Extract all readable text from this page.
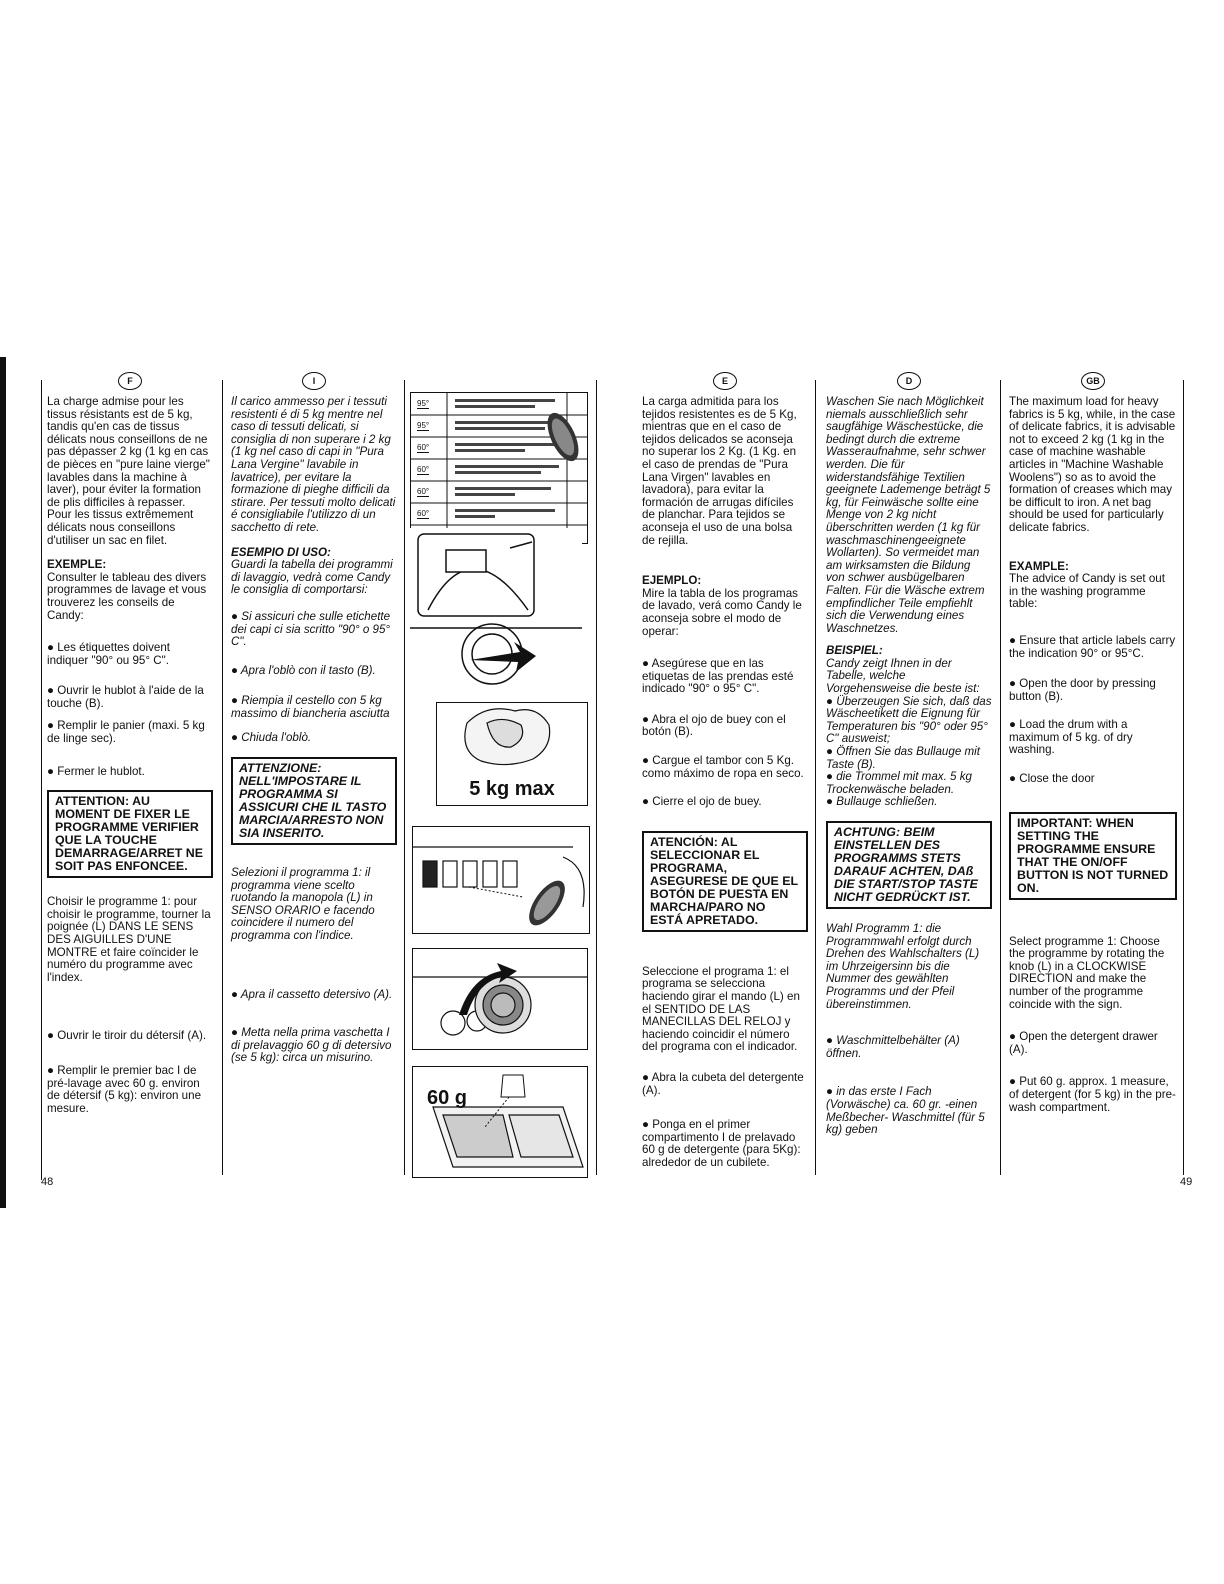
F

La charge admise pour les tissus résistants est de 5 kg, tandis qu'en cas de tissus délicats nous conseillons de ne pas dépasser 2 kg (1 kg en cas de pièces en "pure laine vierge" lavables dans la machine à laver), pour éviter la formation de plis difficiles à repasser. Pour les tissus extrêmement délicats nous conseillons d'utiliser un sac en filet.

EXEMPLE:

Consulter le tableau des divers programmes de lavage et vous trouverez les conseils de Candy:

● Les étiquettes doivent indiquer "90° ou 95° C".

● Ouvrir le hublot à l'aide de la touche (B).

● Remplir le panier (maxi. 5 kg de linge sec).

● Fermer le hublot.

ATTENTION: AU MOMENT DE FIXER LE PROGRAMME VERIFIER QUE LA TOUCHE DEMARRAGE/ARRET NE SOIT PAS ENFONCEE.

Choisir le programme 1: pour choisir le programme, tourner la poignée (L) DANS LE SENS DES AIGUILLES D'UNE MONTRE et faire coïncider le numéro du programme avec l'index.

● Ouvrir le tiroir du détersif (A).

● Remplir le premier bac I de pré-lavage avec 60 g. environ de détersif (5 kg): environ une mesure.

I

Il carico ammesso per i tessuti resistenti é di 5 kg mentre nel caso di tessuti delicati, si consiglia di non superare i 2 kg (1 kg nel caso di capi in "Pura Lana Vergine" lavabile in lavatrice), per evitare la formazione di pieghe difficili da stirare. Per tessuti molto delicati é consigliabile l'utilizzo di un sacchetto di rete.

ESEMPIO DI USO:

Guardi la tabella dei programmi di lavaggio, vedrà come Candy le consiglia di comportarsi:

● Si assicuri che sulle etichette dei capi ci sia scritto "90° o 95° C".

● Apra l'oblò con il tasto (B).

● Riempia il cestello con 5 kg massimo di biancheria asciutta

● Chiuda l'oblò.

ATTENZIONE: NELL'IMPOSTARE IL PROGRAMMA SI ASSICURI CHE IL TASTO MARCIA/ARRESTO NON SIA INSERITO.

Selezioni il programma 1: il programma viene scelto ruotando la manopola (L) in SENSO ORARIO e facendo coincidere il numero del programma con l'indice.

● Apra il cassetto detersivo (A).

● Metta nella prima vaschetta I di prelavaggio 60 g di detersivo (se 5 kg): circa un misurino.

95°
95°
60°
60°
60°
60°
5 kg max
60 g
E

La carga admitida para los tejidos resistentes es de 5 Kg, mientras que en el caso de tejidos delicados se aconseja no superar los 2 Kg. (1 Kg. en el caso de prendas de "Pura Lana Virgen" lavables en lavadora), para evitar la formación de arrugas difíciles de planchar. Para tejidos se aconseja el uso de una bolsa de rejilla.

EJEMPLO:

Mire la tabla de los programas de lavado, verá como Candy le aconseja sobre el modo de operar:

● Asegúrese que en las etiquetas de las prendas esté indicado "90° o 95° C".

● Abra el ojo de buey con el botón (B).

● Cargue el tambor con 5 Kg. como máximo de ropa en seco.

● Cierre el ojo de buey.

ATENCIÓN: AL SELECCIONAR EL PROGRAMA, ASEGURESE DE QUE EL BOTÓN DE PUESTA EN MARCHA/PARO NO ESTÁ APRETADO.

Seleccione el programa 1: el programa se selecciona haciendo girar el mando (L) en el SENTIDO DE LAS MANECILLAS DEL RELOJ y haciendo coincidir el número del programa con el indicador.

● Abra la cubeta del detergente (A).

● Ponga en el primer compartimento I de prelavado 60 g de detergente (para 5Kg): alrededor de un cubilete.

D

Waschen Sie nach Möglichkeit niemals ausschließlich sehr saugfähige Wäschestücke, die bedingt durch die extreme Wasseraufnahme, sehr schwer werden. Die für widerstandsfähige Textilien geeignete Lademenge beträgt 5 kg, für Feinwäsche sollte eine Menge von 2 kg nicht überschritten werden (1 kg für waschmaschinengeeignete Wollarten). So vermeidet man am wirksamsten die Bildung von schwer ausbügelbaren Falten. Für die Wäsche extrem empfindlicher Teile empfiehlt sich die Verwendung eines Waschnetzes.

BEISPIEL:

Candy zeigt Ihnen in der Tabelle, welche Vorgehensweise die beste ist:

● Überzeugen Sie sich, daß das Wäscheetikett die Eignung für Temperaturen bis "90° oder 95° C" ausweist;

● Öffnen Sie das Bullauge mit Taste (B).

● die Trommel mit max. 5 kg Trockenwäsche beladen.

● Bullauge schließen.

ACHTUNG: BEIM EINSTELLEN DES PROGRAMMS STETS DARAUF ACHTEN, DAß DIE START/STOP TASTE NICHT GEDRÜCKT IST.

Wahl Programm 1: die Programmwahl erfolgt durch Drehen des Wahlschalters (L) im Uhrzeigersinn bis die Nummer des gewählten Programms und der Pfeil übereinstimmen.

● Waschmittelbehälter (A) öffnen.

● in das erste I Fach (Vorwäsche) ca. 60 gr. -einen Meßbecher- Waschmittel (für 5 kg) geben

GB

The maximum load for heavy fabrics is 5 kg, while, in the case of delicate fabrics, it is advisable not to exceed 2 kg (1 kg in the case of machine washable articles in "Machine Washable Woolens") so as to avoid the formation of creases which may be difficult to iron. A net bag should be used for particularly delicate fabrics.

EXAMPLE:

The advice of Candy is set out in the washing programme table:

● Ensure that article labels carry the indication 90° or 95°C.

● Open the door by pressing button (B).

● Load the drum with a maximum of 5 kg. of dry washing.

● Close the door

IMPORTANT: WHEN SETTING THE PROGRAMME ENSURE THAT THE ON/OFF BUTTON IS NOT TURNED ON.

Select programme 1: Choose the programme by rotating the knob (L) in a CLOCKWISE DIRECTION and make the number of the programme coincide with the sign.

● Open the detergent drawer (A).

● Put 60 g. approx. 1 measure, of detergent (for 5 kg) in the pre-wash compartment.

48	49
